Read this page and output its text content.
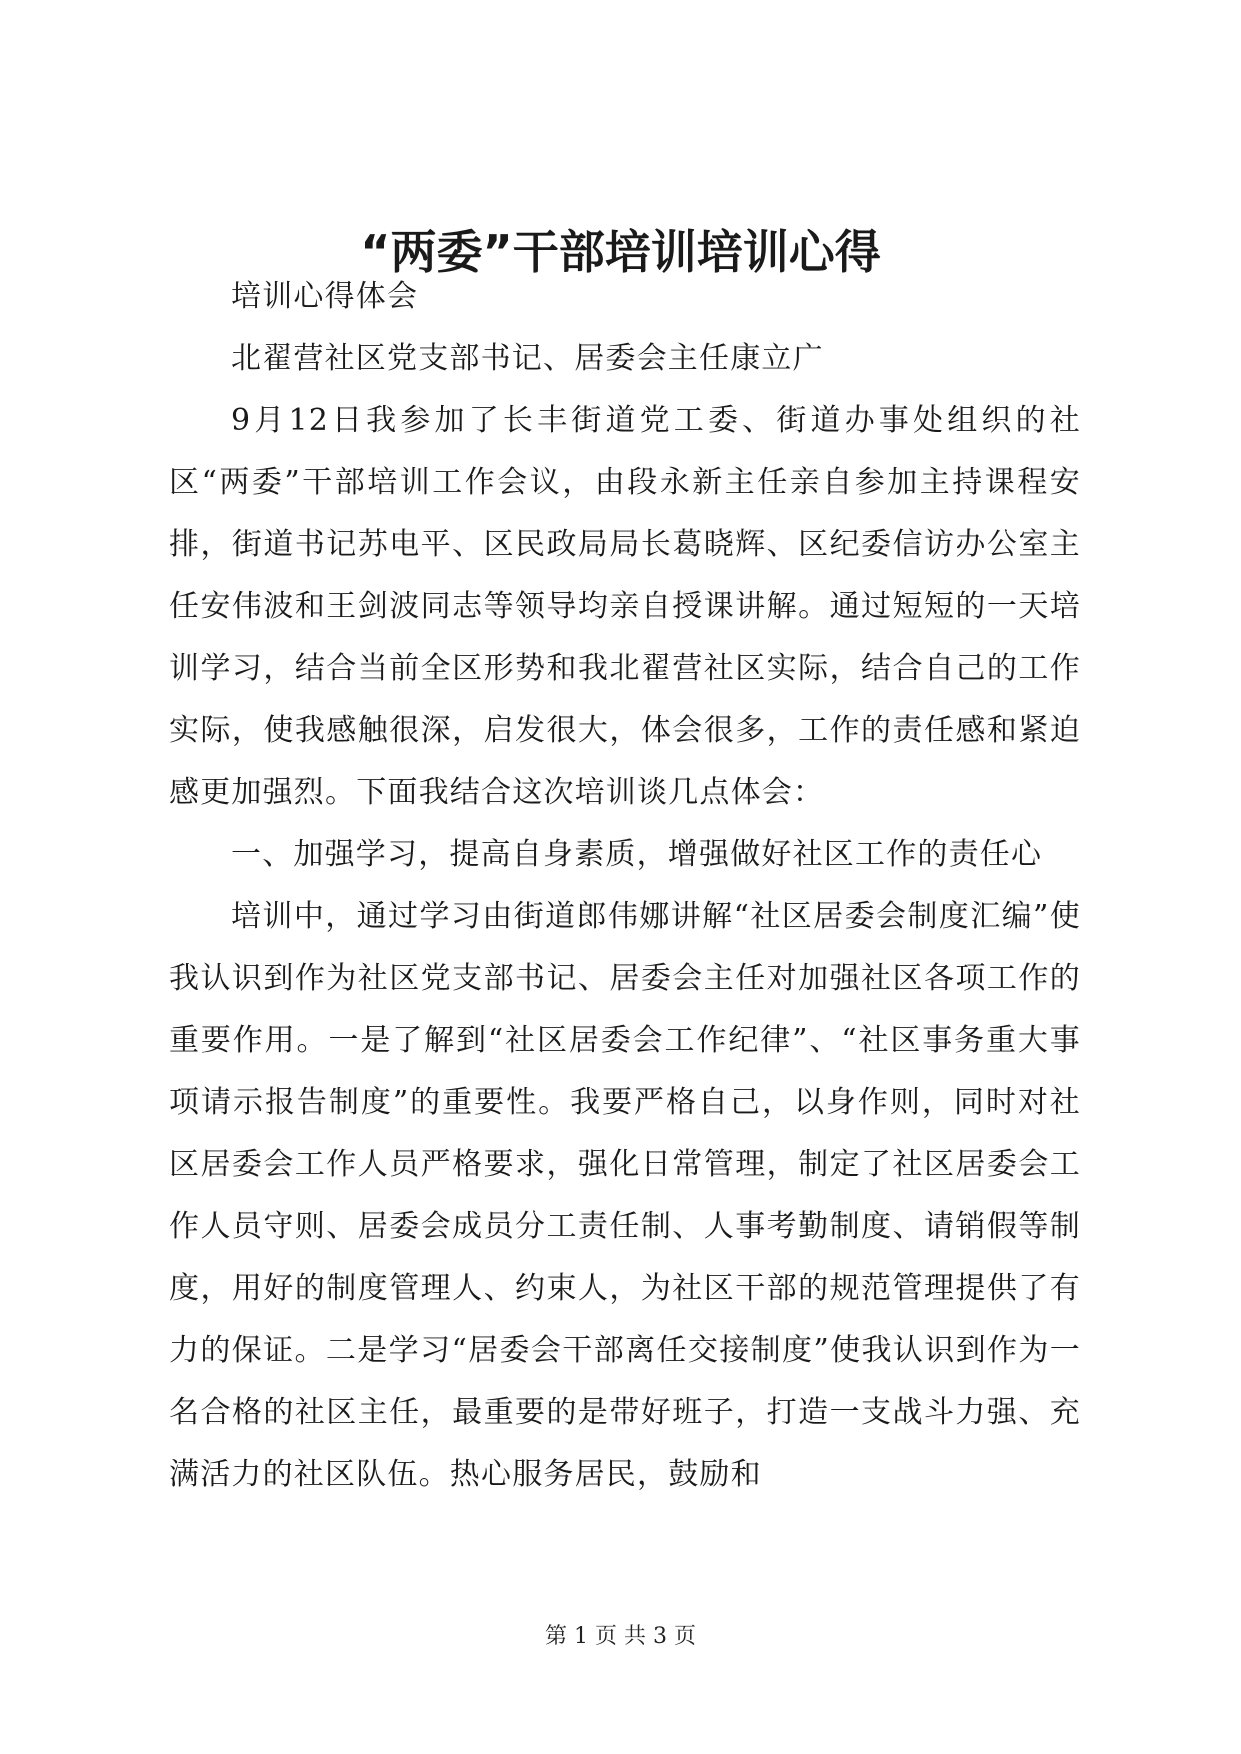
“两委”干部培训培训心得

培训心得体会

北翟营社区党支部书记、居委会主任康立广

9月12日我参加了长丰街道党工委、街道办事处组织的社区“两委”干部培训工作会议，由段永新主任亲自参加主持课程安排，街道书记苏电平、区民政局局长葛晓辉、区纪委信访办公室主任安伟波和王剑波同志等领导均亲自授课讲解。通过短短的一天培训学习，结合当前全区形势和我北翟营社区实际，结合自己的工作实际，使我感触很深，启发很大，体会很多，工作的责任感和紧迫感更加强烈。下面我结合这次培训谈几点体会：

一、加强学习，提高自身素质，增强做好社区工作的责任心

培训中，通过学习由街道郎伟娜讲解“社区居委会制度汇编”使我认识到作为社区党支部书记、居委会主任对加强社区各项工作的重要作用。一是了解到“社区居委会工作纪律”、“社区事务重大事项请示报告制度”的重要性。我要严格自己，以身作则，同时对社区居委会工作人员严格要求，强化日常管理，制定了社区居委会工作人员守则、居委会成员分工责任制、人事考勤制度、请销假等制度，用好的制度管理人、约束人，为社区干部的规范管理提供了有力的保证。二是学习“居委会干部离任交接制度”使我认识到作为一名合格的社区主任，最重要的是带好班子，打造一支战斗力强、充满活力的社区队伍。热心服务居民，鼓励和

第 1 页 共 3 页
